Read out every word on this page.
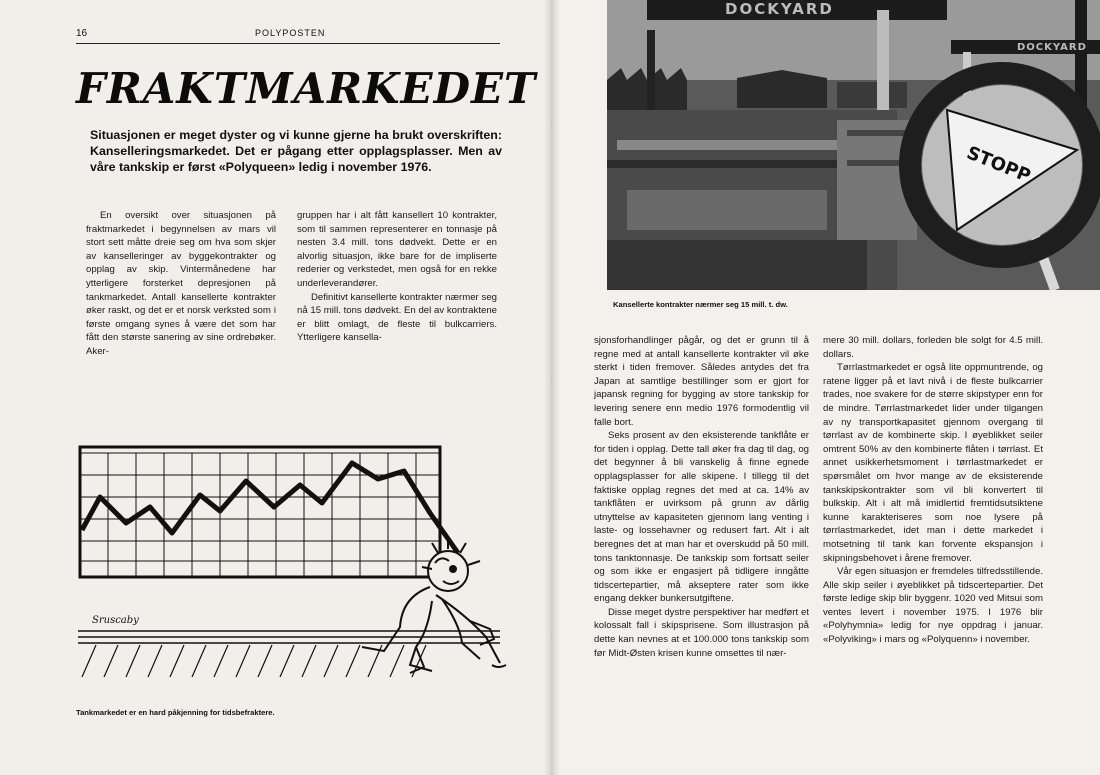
16	POLYPOSTEN
FRAKTMARKEDET
Situasjonen er meget dyster og vi kunne gjerne ha brukt overskriften: Kanselleringsmarkedet. Det er pågang etter opplagsplasser. Men av våre tankskip er først «Polyqueen» ledig i november 1976.

En oversikt over situasjonen på fraktmarkedet i begynnelsen av mars vil stort sett måtte dreie seg om hva som skjer av kanselleringer av byggekontrakter og opplag av skip. Vintermånedene har ytterligere forsterket depresjonen på tankmarkedet. Antall kansellerte kontrakter øker raskt, og det er et norsk verksted som i første omgang synes å være det som har fått den største sanering av sine ordrebøker. Aker-

gruppen har i alt fått kansellert 10 kontrakter, som til sammen representerer en tonnasje på nesten 3.4 mill. tons dødvekt. Dette er en alvorlig situasjon, ikke bare for de impliserte rederier og verkstedet, men også for en rekke underleverandører.

Definitivt kansellerte kontrakter nærmer seg nå 15 mill. tons dødvekt. En del av kontraktene er blitt omlagt, de fleste til bulkcarriers. Ytterligere kansella-

Sruscaby
Tankmarkedet er en hard påkjenning for tidsbefraktere.
DOCKYARD
DOCKYARD
STOPP
Kansellerte kontrakter nærmer seg 15 mill. t. dw.

sjonsforhandlinger pågår, og det er grunn til å regne med at antall kansellerte kontrakter vil øke sterkt i tiden fremover. Således antydes det fra Japan at samtlige bestillinger som er gjort for japansk regning for bygging av store tankskip for levering senere enn medio 1976 formodentlig vil falle bort.

Seks prosent av den eksisterende tankflåte er for tiden i opplag. Dette tall øker fra dag til dag, og det begynner å bli vanskelig å finne egnede opplagsplasser for alle skipene. I tillegg til det faktiske opplag regnes det med at ca. 14% av tankflåten er uvirksom på grunn av dårlig utnyttelse av kapasiteten gjennom lang venting i laste- og lossehavner og redusert fart. Alt i alt beregnes det at man har et overskudd på 50 mill. tons tanktonnasje. De tankskip som fortsatt seiler og som ikke er engasjert på tidligere inngåtte tidscertepartier, må akseptere rater som ikke engang dekker bunkersutgiftene.

Disse meget dystre perspektiver har medført et kolossalt fall i skipsprisene. Som illustrasjon på dette kan nevnes at et 100.000 tons tankskip som før Midt-Østen krisen kunne omsettes til nær-

mere 30 mill. dollars, forleden ble solgt for 4.5 mill. dollars.

Tørrlastmarkedet er også lite oppmuntrende, og ratene ligger på et lavt nivå i de fleste bulkcarrier trades, noe svakere for de større skipstyper enn for de mindre. Tørrlastmarkedet lider under tilgangen av ny transportkapasitet gjennom overgang til tørrlast av de kombinerte skip. I øyeblikket seiler omtrent 50% av den kombinerte flåten i tørrlast. Et annet usikkerhetsmoment i tørrlastmarkedet er spørsmålet om hvor mange av de eksisterende tankskipskontrakter som vil bli konvertert til bulkskip. Alt i alt må imidlertid fremtidsutsiktene kunne karakteriseres som noe lysere på tørrlastmarkedet, idet man i dette markedet i motsetning til tank kan forvente ekspansjon i skipningsbehovet i årene fremover.

Vår egen situasjon er fremdeles tilfredsstillende. Alle skip seiler i øyeblikket på tidscertepartier. Det første ledige skip blir byggenr. 1020 ved Mitsui som ventes levert i november 1975. I 1976 blir «Polyhymnia» ledig for nye oppdrag i januar. «Polyviking» i mars og «Polyquenn» i november.
